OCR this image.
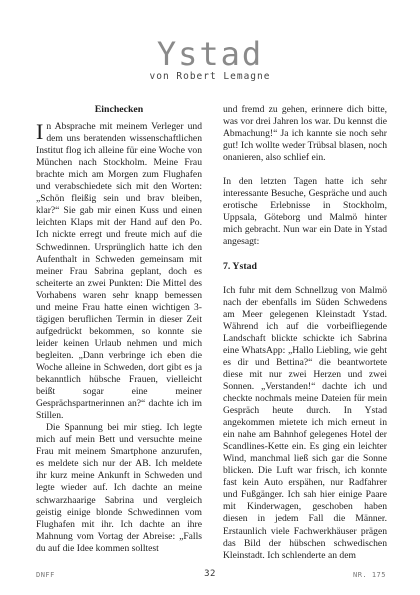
Ystad
von Robert Lemagne
Einchecken

In Absprache mit meinem Verleger und dem uns beratenden wissenschaftlichen Institut flog ich alleine für eine Woche von München nach Stockholm. Meine Frau brachte mich am Morgen zum Flughafen und verabschiedete sich mit den Worten: „Schön fleißig sein und brav bleiben, klar?“ Sie gab mir einen Kuss und einen leichten Klaps mit der Hand auf den Po. Ich nickte erregt und freute mich auf die Schwedinnen. Ursprünglich hatte ich den Aufenthalt in Schweden gemeinsam mit meiner Frau Sabrina geplant, doch es scheiterte an zwei Punkten: Die Mittel des Vorhabens waren sehr knapp bemessen und meine Frau hatte einen wichtigen 3-tägigen beruflichen Termin in dieser Zeit aufgedrückt bekommen, so konnte sie leider keinen Urlaub nehmen und mich begleiten. „Dann verbringe ich eben die Woche alleine in Schweden, dort gibt es ja bekanntlich hübsche Frauen, vielleicht beißt sogar eine meiner Gesprächspartnerinnen an?“ dachte ich im Stillen.

Die Spannung bei mir stieg. Ich legte mich auf mein Bett und versuchte meine Frau mit meinem Smartphone anzurufen, es meldete sich nur der AB. Ich meldete ihr kurz meine Ankunft in Schweden und legte wieder auf. Ich dachte an meine schwarzhaarige Sabrina und vergleich geistig einige blonde Schwedinnen vom Flughafen mit ihr. Ich dachte an ihre Mahnung vom Vortag der Abreise: „Falls du auf die Idee kommen solltest

und fremd zu gehen, erinnere dich bitte, was vor drei Jahren los war. Du kennst die Abmachung!“ Ja ich kannte sie noch sehr gut! Ich wollte weder Trübsal blasen, noch onanieren, also schlief ein.

In den letzten Tagen hatte ich sehr interessante Besuche, Gespräche und auch erotische Erlebnisse in Stockholm, Uppsala, Göteborg und Malmö hinter mich gebracht. Nun war ein Date in Ystad angesagt:

7. Ystad

Ich fuhr mit dem Schnellzug von Malmö nach der ebenfalls im Süden Schwedens am Meer gelegenen Kleinstadt Ystad. Während ich auf die vorbeifliegende Landschaft blickte schickte ich Sabrina eine WhatsApp: „Hallo Liebling, wie geht es dir und Bettina?“ die beantwortete diese mit nur zwei Herzen und zwei Sonnen. „Verstanden!“ dachte ich und checkte nochmals meine Dateien für mein Gespräch heute durch. In Ystad angekommen mietete ich mich erneut in ein nahe am Bahnhof gelegenes Hotel der Scandlines-Kette ein. Es ging ein leichter Wind, manchmal ließ sich gar die Sonne blicken. Die Luft war frisch, ich konnte fast kein Auto erspähen, nur Radfahrer und Fußgänger. Ich sah hier einige Paare mit Kinderwagen, geschoben haben diesen in jedem Fall die Männer. Erstaunlich viele Fachwerkhäuser prägen das Bild der hübschen schwedischen Kleinstadt. Ich schlenderte an dem

DNFF	32	NR. 175
